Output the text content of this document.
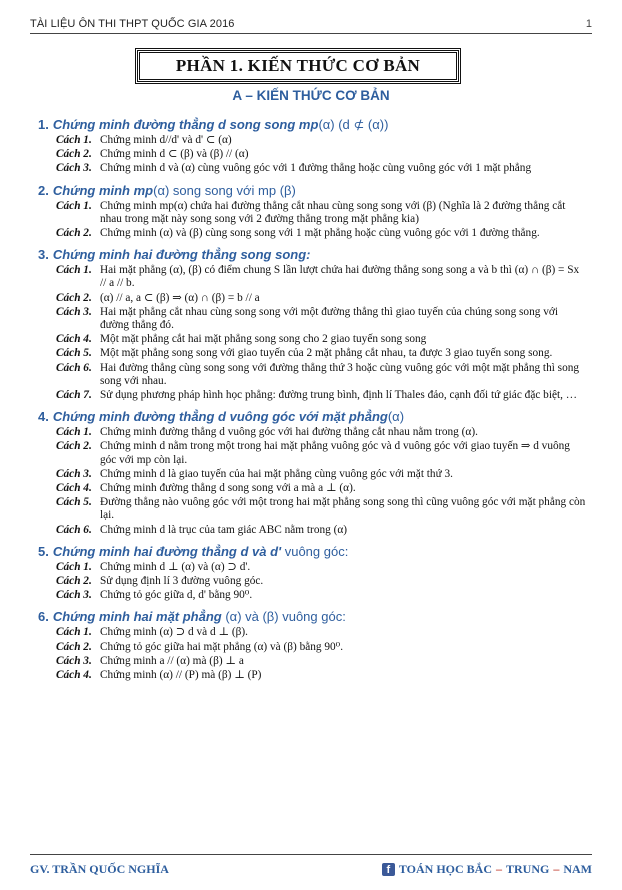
TÀI LIỆU ÔN THI THPT QUỐC GIA 2016	1
PHẦN 1. KIẾN THỨC CƠ BẢN
A – KIẾN THỨC CƠ BẢN
1. Chứng minh đường thẳng d song song mp(α) (d ⊄ (α))
Cách 1. Chứng minh d//d' và d' ⊂ (α)
Cách 2. Chứng minh d ⊂ (β) và (β) // (α)
Cách 3. Chứng minh d và (α) cùng vuông góc với 1 đường thẳng hoặc cùng vuông góc với 1 mặt phẳng
2. Chứng minh mp(α) song song với mp (β)
Cách 1. Chứng minh mp(α) chứa hai đường thẳng cắt nhau cùng song song với (β) (Nghĩa là 2 đường thẳng cắt nhau trong mặt này song song với 2 đường thẳng trong mặt phẳng kia)
Cách 2. Chứng minh (α) và (β) cùng song song với 1 mặt phẳng hoặc cùng vuông góc với 1 đường thẳng.
3. Chứng minh hai đường thẳng song song:
Cách 1. Hai mặt phẳng (α), (β) có điểm chung S lần lượt chứa hai đường thẳng song song a và b thì (α) ∩ (β) = Sx // a // b.
Cách 2. (α) // a, a ⊂ (β) ⇒ (α) ∩ (β) = b // a
Cách 3. Hai mặt phẳng cắt nhau cùng song song với một đường thẳng thì giao tuyến của chúng song song với đường thẳng đó.
Cách 4. Một mặt phẳng cắt hai mặt phẳng song song cho 2 giao tuyến song song
Cách 5. Một mặt phẳng song song với giao tuyến của 2 mặt phẳng cắt nhau, ta được 3 giao tuyến song song.
Cách 6. Hai đường thẳng cùng song song với đường thẳng thứ 3 hoặc cùng vuông góc với một mặt phẳng thì song song với nhau.
Cách 7. Sử dụng phương pháp hình học phẳng: đường trung bình, định lí Thales đảo, cạnh đối tứ giác đặc biệt, …
4. Chứng minh đường thẳng d vuông góc với mặt phẳng(α)
Cách 1. Chứng minh đường thẳng d vuông góc với hai đường thẳng cắt nhau nằm trong (α).
Cách 2. Chứng minh d nằm trong một trong hai mặt phẳng vuông góc và d vuông góc với giao tuyến ⇒ d vuông góc với mp còn lại.
Cách 3. Chứng minh d là giao tuyến của hai mặt phẳng cùng vuông góc với mặt thứ 3.
Cách 4. Chứng minh đường thẳng d song song với a mà a ⊥ (α).
Cách 5. Đường thẳng nào vuông góc với một trong hai mặt phẳng song song thì cũng vuông góc với mặt phẳng còn lại.
Cách 6. Chứng minh d là trục của tam giác ABC nằm trong (α)
5. Chứng minh hai đường thẳng d và d' vuông góc:
Cách 1. Chứng minh d ⊥ (α) và (α) ⊃ d'.
Cách 2. Sử dụng định lí 3 đường vuông góc.
Cách 3. Chứng tỏ góc giữa d, d' bằng 90⁰.
6. Chứng minh hai mặt phẳng (α) và (β) vuông góc:
Cách 1. Chứng minh (α) ⊃ d và d ⊥ (β).
Cách 2. Chứng tỏ góc giữa hai mặt phẳng (α) và (β) bằng 90⁰.
Cách 3. Chứng minh a // (α) mà (β) ⊥ a
Cách 4. Chứng minh (α) // (P) mà (β) ⊥ (P)
GV. TRẦN QUỐC NGHĨA	f TOÁN HỌC BẮC – TRUNG – NAM
